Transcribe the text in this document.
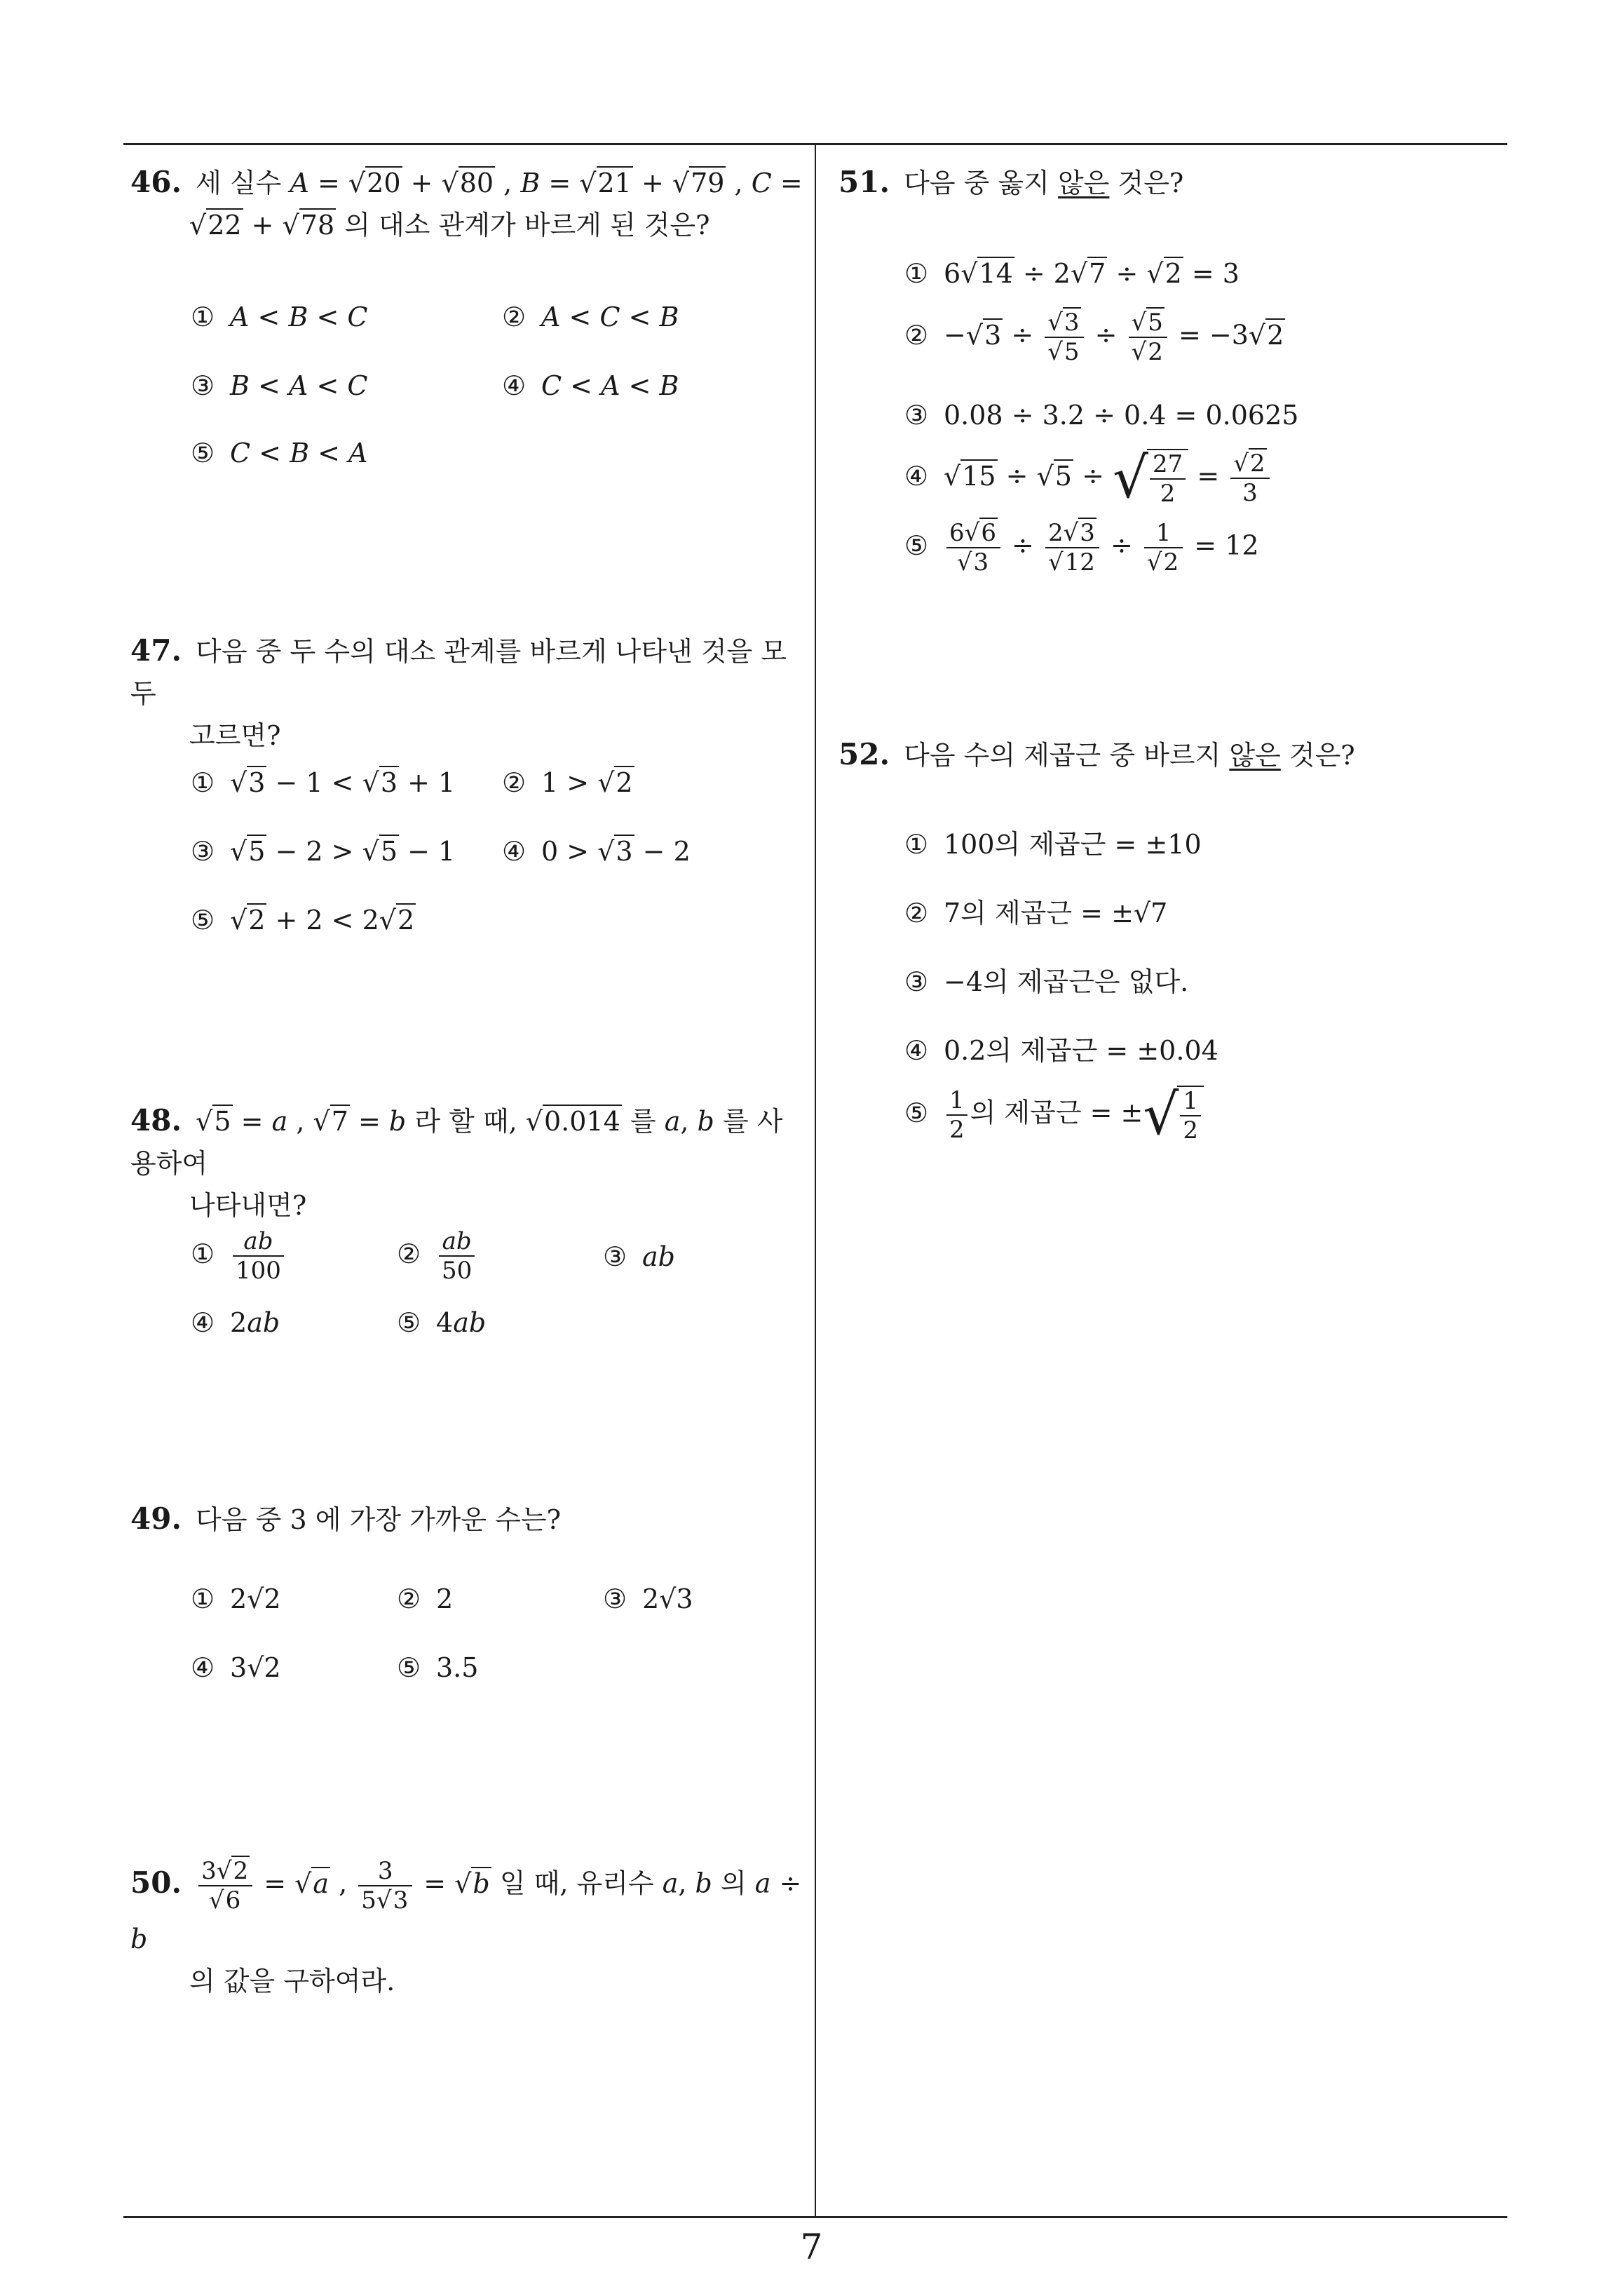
46. 세 실수 A = √ 20 + √ 80 , B = √ 21 + √ 79 , C =
√ 22 + √ 78 의 대소 관계가 바르게 된 것은?
① A < B < C	② A < C < B
③ B < A < C	④ C < A < B
⑤ C < B < A
47. 다음 중 두 수의 대소 관계를 바르게 나타낸 것을 모두
고르면?
① √ 3 − 1 < √ 3 + 1 ② 1 > √ 2
③ √ 5 − 2 > √ 5 − 1 ④ 0 > √ 3 − 2
⑤ √ 2 + 2 < 2 √ 2
48. √ 5 = a , √ 7 = b 라 할 때, √ 0.014 를 a, b 를 사용하여
나타내면?
① $\frac{ab}{100}$	② $\frac{ab}{50}$	③ ab
④ 2ab	⑤ 4ab
49. 다음 중 3 에 가장 가까운 수는?
① 2√2	② 2	③ 2√3
④ 3√2	⑤ 3.5
50. 3 √ 2
√ 6 = √ a , $\frac{3}{5 √ 3}$ = √ b 일 때, 유리수 a, b 의 a ÷ b
의 값을 구하여라.
51. 다음 중 옳지 않은 것은?
① 6 √ 14 ÷ 2 √ 7 ÷ √ 2 = 3
② − √ 3 ÷ √ 3
√ 5 ÷ √ 5
√ 2 = −3 √ 2
③ 0.08 ÷ 3.2 ÷ 0.4 = 0.0625
④ √ 15 ÷ √ 5 ÷ √ $\frac{27}{2}$ = √ $\frac{2}{3}$
⑤ 6 √ 6
√ 3 ÷ 2 √ 3
√ 12 ÷ 1
√ 2 = 12
52. 다음 수의 제곱근 중 바르지 않은 것은?
① 100의 제곱근 = ±10
② 7의 제곱근 = ±√7
③ −4의 제곱근은 없다.
④ 0.2의 제곱근 = ±0.04
⑤ $\frac{1}{2}$ 의 제곱근 = ± √ $\frac{1}{2}$
7
